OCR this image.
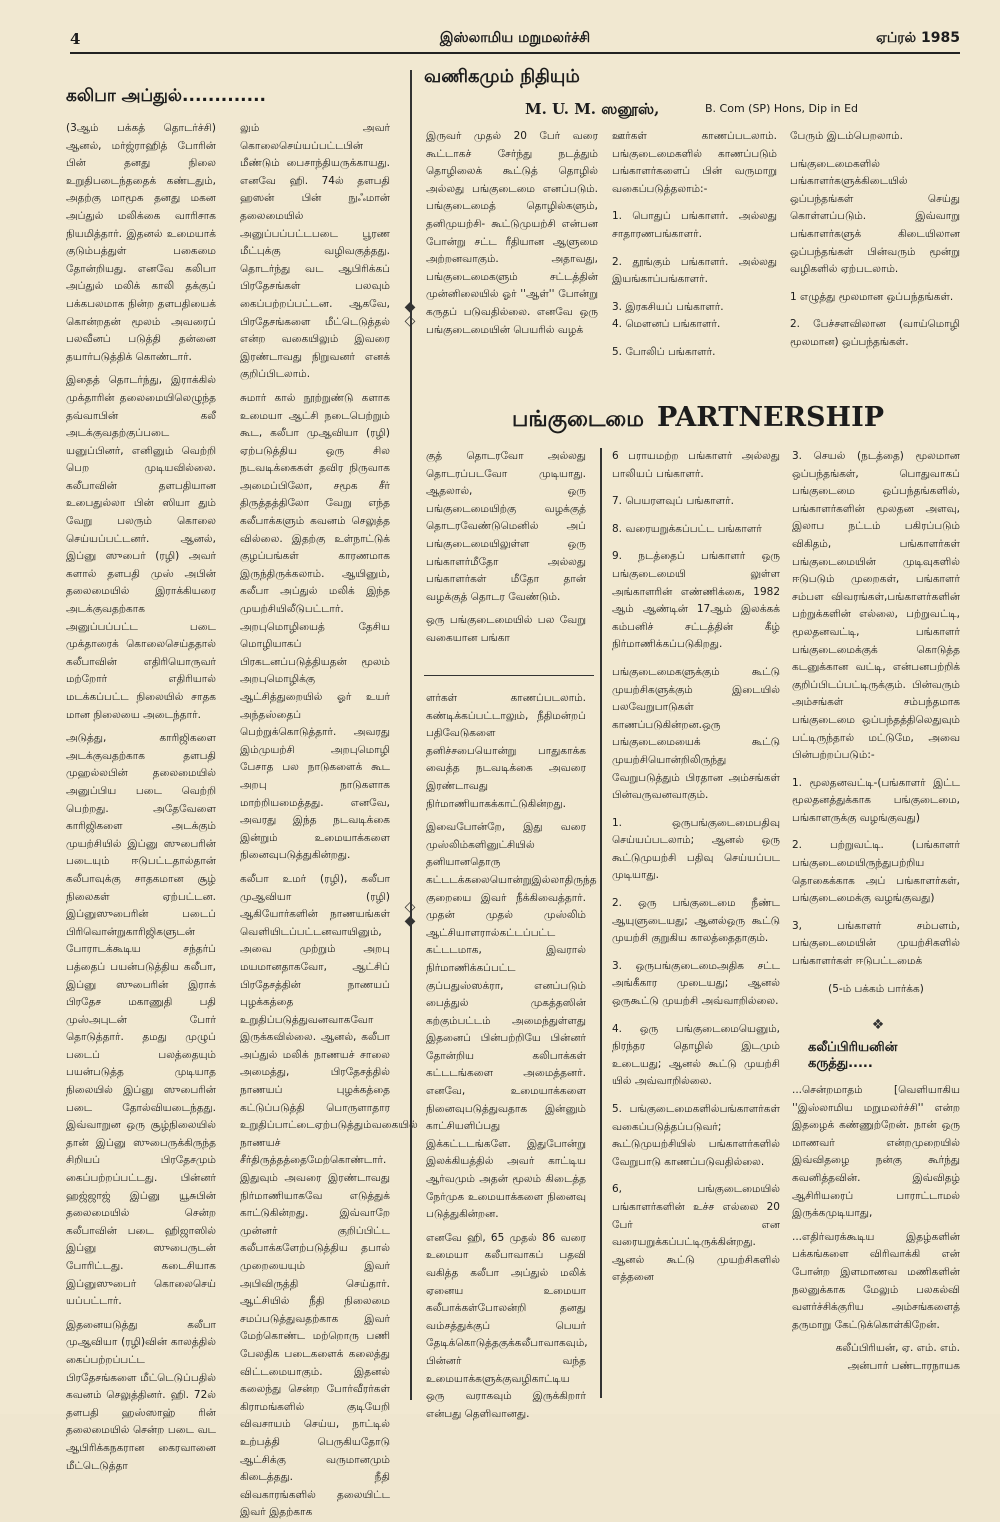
4	இஸ்லாமிய மறுமலர்ச்சி	ஏப்ரல் 1985
கலிபா அப்துல்.............

(3ஆம் பக்கத் தொடர்ச்சி) ஆனல், மர்ஜ்ராஹித் போரின் பின் தனது நிலை உறுதிபடைந்ததைக் கண்டதும், அதற்கு மாமூக தனது மகன அப்துல் மலிக்கை வாரிசாக நியமித்தார். இதனல் உமையாக் குடும்பத்துள் பகைமை தோன்றியது. எனவே கலிபா அப்துல் மலிக் காலி தக்குப் பக்கபலமாக நின்ற தளபதியைக் கொன்றதன் மூலம் அவரைப் பலவீனப் படுத்தி தன்னை தயார்படுத்திக் கொண்டார்.

இதைத் தொடர்ந்து, இராக்கில் முக்தாரின் தலைமையிலெழுந்த தவ்வாபின் கலீ அடக்குவதற்குப்படை யனுப்பினர், எனினும் வெற்றி பெற முடியவில்லை. கலீபாவின் தளபதியான உபைதுல்லா பின் ஸியா தும் வேறு பலரும் கொலை செய்யப்பட்டனர். ஆனல், இப்னு ஸுபைர் (ரழி) அவர் களால் தளபதி முஸ் அபின் தலைமையில் இராக்கியரை அடக்குவதற்காக அனுப்பப்பட்ட படை முக்தாரைக் கொலைசெய்ததால் கலீபாவின் எதிரியொருவர் மற்றோர் எதிரியால் மடக்கப்பட்ட நிலையில் சாதக மான நிலையை அடைந்தார்.

அடுத்து, காரிஜிகளை அடக்குவதற்காக தளபதி முஹல்லபின் தலைமையில் அனுப்பிய படை வெற்றி பெற்றது. அதேவேளை காரிஜிகளை அடக்கும் முயற்சியில் இப்னு ஸுபைரின் படையும் ஈடுபட்டதால்தான் கலீபாவுக்கு சாதகமான சூழ் நிலைகள் ஏற்பட்டன. இப்னுஸுபைரின் படைப் பிரிவொன்றுகாரிஜிகளுடன் போராடக்கூடிய சந்தர்ப் பத்தைப் பயன்படுத்திய கலீபா, இப்னு ஸுபைரின் இராக் பிரதேச மகாணுதி பதி முஸ்அபுடன் போர் தொடுத்தார். தமது முழுப் படைப் பலத்தையும் பயன்படுத்த முடியாத நிலையில் இப்னு ஸுபைரின் படை தோல்வியடைந்தது. இவ்வாறுன ஒரு சூழ்நிலையில் தான் இப்னு ஸுபைருக்கிருந்த சிறியப் பிரதேசமும் கைப்பற்றப்பட்டது. பின்னர் ஹஜ்ஜாஜ் இப்னு யூசுபின் தலைமையில் சென்ற கலீபாவின் படை ஹிஜாஸில் இப்னு ஸுபைருடன் போரிட்டது. கடைசியாக இப்னுஸுபைர் கொலைசெய் யப்பட்டார்.

இதனையடுத்து கலீபா முஆவியா (ரழி)வின் காலத்தில் கைப்பற்றப்பட்ட பிரதேசங்களை மீட்டெடுப்பதில் கவனம் செலுத்தினர். ஹி. 72ல் தளபதி ஹஸ்ஸாஹ் ரின் தலைமையில் சென்ற படை வட ஆபிரிக்கநகரான கைரவானை மீட்டெடுத்தா

லும் அவர் கொலைசெய்யப்பட்டபின் மீண்டும் பைசாந்தியருக்காயது. எனவே ஹி. 74ல் தளபதி ஹஸன் பின் நுஃமான் தலைமையில் அனுப்பப்பட்டபடை பூரண மீட்புக்கு வழிவகுத்தது. தொடர்ந்து வட ஆபிரிக்கப் பிரதேசங்கள் பலவும் கைப்பற்றப்பட்டன. ஆகவே, பிரதேசங்களை மீட்டெடுத்தல் என்ற வகையிலும் இவரை இரண்டாவது நிறுவனர் எனக் குறிப்பிடலாம்.

சுமார் கால் நூற்றுண்டு களாக உமையா ஆட்சி நடைபெற்றும் கூட, கலீபா முஆவியா (ரழி) ஏற்படுத்திய ஒரு சில நடவடிக்கைகள் தவிர நிருவாக அமைப்பிலோ, சமூக சீர் திருத்தத்திலோ வேறு எந்த கலீபாக்களும் கவனம் செலுத்த வில்லை. இதற்கு உள்நாட்டுக் குழப்பங்கள் காரணமாக இருந்திருக்கலாம். ஆயினும், கலீபா அப்துல் மலிக் இந்த முயற்சியிலீடுபட்டார். அறபுமொழியைத் தேசிய மொழியாகப் பிரகடனப்படுத்தியதன் மூலம் அறபுமொழிக்கு ஆட்சித்துறையில் ஓர் உயர் அந்தஸ்தைப் பெற்றுக்கொடுத்தார். அவரது இம்முயற்சி அறபுமொழி பேசாத பல நாடுகளைக் கூட அறபு நாடுகளாக மாற்றியமைத்தது. எனவே, அவரது இந்த நடவடிக்கை இன்றும் உமையாக்களை நினைவுபடுத்துகின்றது.

கலீபா உமர் (ரழி), கலீபா முஆவியா (ரழி) ஆகியோர்களின் நாணயங்கள் வெளியிடப்பட்டனவாயினும், அவை முற்றும் அறபு மயமானதாகவோ, ஆட்சிப் பிரதேசத்தின் நாணயப் புழக்கத்தை உறுதிப்படுத்துவனவாகவோ இருக்கவில்லை. ஆனல், கலீபா அப்துல் மலிக் நாணயச் சாலை அமைத்து, பிரதேசத்தில் நாணயப் புழக்கத்தை கட்டுப்படுத்தி பொருளாதார உறுதிப்பாட்டைஏற்படுத்தும்வகையில் நாணயச் சீர்திருத்தத்தைமேற்கொண்டார். இதுவும் அவரை இரண்டாவது நிர்மாணியாகவே எடுத்துக் காட்டுகின்றது. இவ்வாறே முன்னர் குறிப்பிட்ட கலீபாக்களேற்படுத்திய தபால் முறையையும் இவர் அபிவிருத்தி செய்தார். ஆட்சியில் நீதி நிலைமை சமப்படுத்துவதற்காக இவர் மேற்கொண்ட மற்றொரு பணி பேலதிக படைகளைக் கலைத்து விட்டமையாகும். இதனல் கலைந்து சென்ற போர்வீரர்கள் கிராமங்களில் குடியேறி விவசாயம் செய்ய, நாட்டில் உற்பத்தி பெருகியதோடு ஆட்சிக்கு வருமானமும் கிடைத்தது. நீதி விவகாரங்களில் தலையிட்ட இவர் இதற்காக

◆
◇
◇
◆
வணிகமும் நிதியும்
M. U. M. ஸனூஸ்,	B. Com (SP) Hons, Dip in Ed

இருவர் முதல் 20 பேர் வரை கூட்டாகச் சேர்ந்து நடத்தும் தொழிலைக் கூட்டுத் தொழில் அல்லது பங்குடைமை எனப்படும். பங்குடைமைத் தொழில்களும், தனிமுயற்சி- கூட்டுமுயற்சி என்பன போன்று சட்ட ரீதியான ஆளுமை அற்றனவாகும். அதாவது, பங்குடைமைகளும் சட்டத்தின் முன்னிலையில் ஓர் ''ஆள்'' போன்று கருதப் படுவதில்லை. எனவே ஒரு பங்குடைமையின் பெயரில் வழக்

ஊர்கள் காணப்படலாம். பங்குடைமைகளில் காணப்படும் பங்காளர்களைப் பின் வருமாறு வகைப்படுத்தலாம்:-

1. பொதுப் பங்காளர். அல்லது சாதாரணபங்காளர்.

2. தூங்கும் பங்காளர். அல்லது இயங்காப்பங்காளர்.

3. இரகசியப் பங்காளர்.

4. மௌனப் பங்காளர்.

5. போலிப் பங்காளர்.

பேரும் இடம்பெறலாம்.

பங்குடைமைகளில் பங்காளர்களுக்கிடையில் ஒப்பந்தங்கள் செய்து கொள்ளப்படும். இவ்வாறு பங்காளர்களுக் கிடையிலான ஒப்பந்தங்கள் பின்வரும் மூன்று வழிகளில் ஏற்படலாம்.

1 எழுத்து மூலமான ஒப்பந்தங்கள்.

2. பேச்சளவிலான (வாய்மொழி மூலமான) ஒப்பந்தங்கள்.

பங்குடைமை PARTNERSHIP

குத் தொடரவோ அல்லது தொடரப்படவோ முடியாது. ஆதலால், ஒரு பங்குடைமையிற்கு வழக்குத் தொடரவேண்டுமெனில் அப் பங்குடைமையிலுள்ள ஒரு பங்காளர்மீதோ அல்லது பங்காளர்கள் மீதோ தான் வழக்குத் தொடர வேண்டும்.

ஒரு பங்குடைமையில் பல வேறு வகையான பங்கா

ளர்கள் காணப்படலாம். கண்டிக்கப்பட்டாலும், நீதிமன்றப் பதிவேடுகளை தனிச்சபையொன்று பாதுகாக்க வைத்த நடவடிக்கை அவரை இரண்டாவது நிர்மாணியாகக்காட்டுகின்றது.

இவைபோன்றே, இது வரை முஸ்லிம்களினுட்சியில் தனியானதொரு கட்டடக்கலையொன்றுஇல்லாதிருந்த குறையை இவர் நீக்கிவைத்தார். முதன் முதல் முஸ்லிம் ஆட்சியாளரால்கட்டப்பட்ட கட்டடமாக, இவரால் நிர்மாணிக்கப்பட்ட குப்பதுஸ்ஸக்ரா, எனப்படும் பைத்துல் முகத்தஸின் கற்கும்பட்டம் அமைந்துள்ளது இதனைப் பின்பற்றியே பின்னர் தோன்றிய கலிபாக்கள் கட்டடங்களை அமைத்தனர். எனவே, உமையாக்களை நினைவுபடுத்துவதாக இன்னும் காட்சியளிப்பது இக்கட்டடங்களே. இதுபோன்று இலக்கியத்தில் அவர் காட்டிய ஆர்வமும் அதன் மூலம் கிடைத்த நேர்முக உமையாக்களை நினைவு படுத்துகின்றன.

எனவே ஹி, 65 முதல் 86 வரை உமையா கலீபாவாகப் பதவி வகித்த கலீபா அப்துல் மலிக் ஏனைய உமையா கலீபாக்கள்போலன்றி தனது வம்சத்துக்குப் பெயர் தேடிக்கொடுத்தகுக்கலீபாவாகவும், பின்னர் வந்த உமையாக்களுக்குவழிகாட்டிய ஒரு வராகவும் இருக்கிறார் என்பது தெளிவானது.

6 பராயமற்ற பங்காளர் அல்லது பாலியப் பங்காளர்.

7. பெயரளவுப் பங்காளர்.

8. வரையறுக்கப்பட்ட பங்காளர்

9. நடத்தைப் பங்காளர் ஒரு பங்குடைமையி லுள்ள அங்காளரின் எண்ணிக்கை, 1982 ஆம் ஆண்டின் 17ஆம் இலக்கக் கம்பனிச் சட்டத்தின் கீழ் நிர்மாணிக்கப்படுகிறது.

பங்குடைமைகளுக்கும் கூட்டு முயற்சிகளுக்கும் இடையில் பலவேறுபாடுகள் காணப்படுகின்றன.ஒரு பங்குடைமையைக் கூட்டு முயற்சியொன்றிலிருந்து வேறுபடுத்தும் பிரதான அம்சங்கள் பின்வருவனவாகும்.

1. ஒருபங்குடைமைபதிவு செய்யப்படலாம்; ஆனல் ஒரு கூட்டுமுயற்சி பதிவு செய்யப்பட முடியாது.

2. ஒரு பங்குடைமை நீண்ட ஆயுளுடையது; ஆனல்ஒரு கூட்டு முயற்சி குறுகிய காலத்தைதாகும்.

3. ஒருபங்குடைமைஅதிக சட்ட அங்கீகார முடையது; ஆனல் ஒருகூட்டு முயற்சி அவ்வாறில்லை.

4. ஒரு பங்குடைமையெனும், நிரந்தர தொழில் இடமும் உடையது; ஆனல் கூட்டு முயற்சி யில் அவ்வாறில்லை.

5. பங்குடைமைகளில்பங்காளர்கள் வகைப்படுத்தப்படுவர்; கூட்டுமுயற்சியில் பங்காளர்களில் வேறுபாடு காணப்படுவதில்லை.

6, பங்குடைமையில் பங்காளர்களின் உச்ச எல்லை 20 பேர் என வரையறுக்கப்பட்டிருக்கின்றது. ஆனல் கூட்டு முயற்சிகளில் எத்தனை

3. செயல் (நடத்தை) மூலமான ஒப்பந்தங்கள், பொதுவாகப் பங்குடைமை ஒப்பந்தங்களில், பங்காளர்களின் மூலதன அளவு, இலாப நட்டம் பகிரப்படும் விகிதம், பங்காளர்கள் பங்குடைமையின் முடிவுகளில் ஈடுபடும் முறைகள், பங்காளர் சம்பள விவரங்கள்,பங்காளர்களின் பற்றுக்களின் எல்லை, பற்றுவட்டி, மூலதனவட்டி, பங்காளர் பங்குடைமைக்குக் கொடுத்த கடனுக்கான வட்டி, என்பனபற்றிக் குறிப்பிடப்பட்டிருக்கும். பின்வரும் அம்சங்கள் சம்பந்தமாக பங்குடைமை ஒப்பந்தத்திலெதுவும் பட்டிருந்தால் மட்டுமே, அவை பின்பற்றப்படும்:-

1. மூலதனவட்டி-(பங்காளர் இட்ட மூலதனத்துக்காக பங்குடைமை, பங்காளருக்கு வழங்குவது)

2. பற்றுவட்டி. (பங்காளர் பங்குடைமையிருந்துபற்றிய தொகைக்காக அப் பங்காளர்கள், பங்குடைமைக்கு வழங்குவது)

3, பங்காளர் சம்பளம், பங்குடைமையின் முயற்சிகளில் பங்காளர்கள் ஈடுபட்டமைக்

(5-ம் பக்கம் பார்க்க)

❖
கலீப்பிரியனின் கருத்து.....

...சென்றமாதம் [வெளியாகிய ''இஸ்லாமிய மறுமலர்ச்சி'' என்ற இதழைக் கண்ணுற்றேன். நான் ஒரு மாணவர் என்றமுறையில் இவ்விதழை நன்கு கூர்ந்து கவனித்தவின். இவ்விதழ் ஆசிரியரைப் பாராட்டாமல் இருக்கமுடியாது,

...எதிர்வரக்கூடிய இதழ்களின் பக்கங்களை விரிவாக்கி என் போன்ற இளமாணவ மணிகளின் நலனுக்காக மேலும் பலகல்வி வளர்ச்சிக்குரிய அம்சங்களைத் தருமாறு கேட்டுக்கொள்கிறேன்.

கலீப்பிரியன், ஏ. எம். எம். அன்பார் பண்டாரநாயக
